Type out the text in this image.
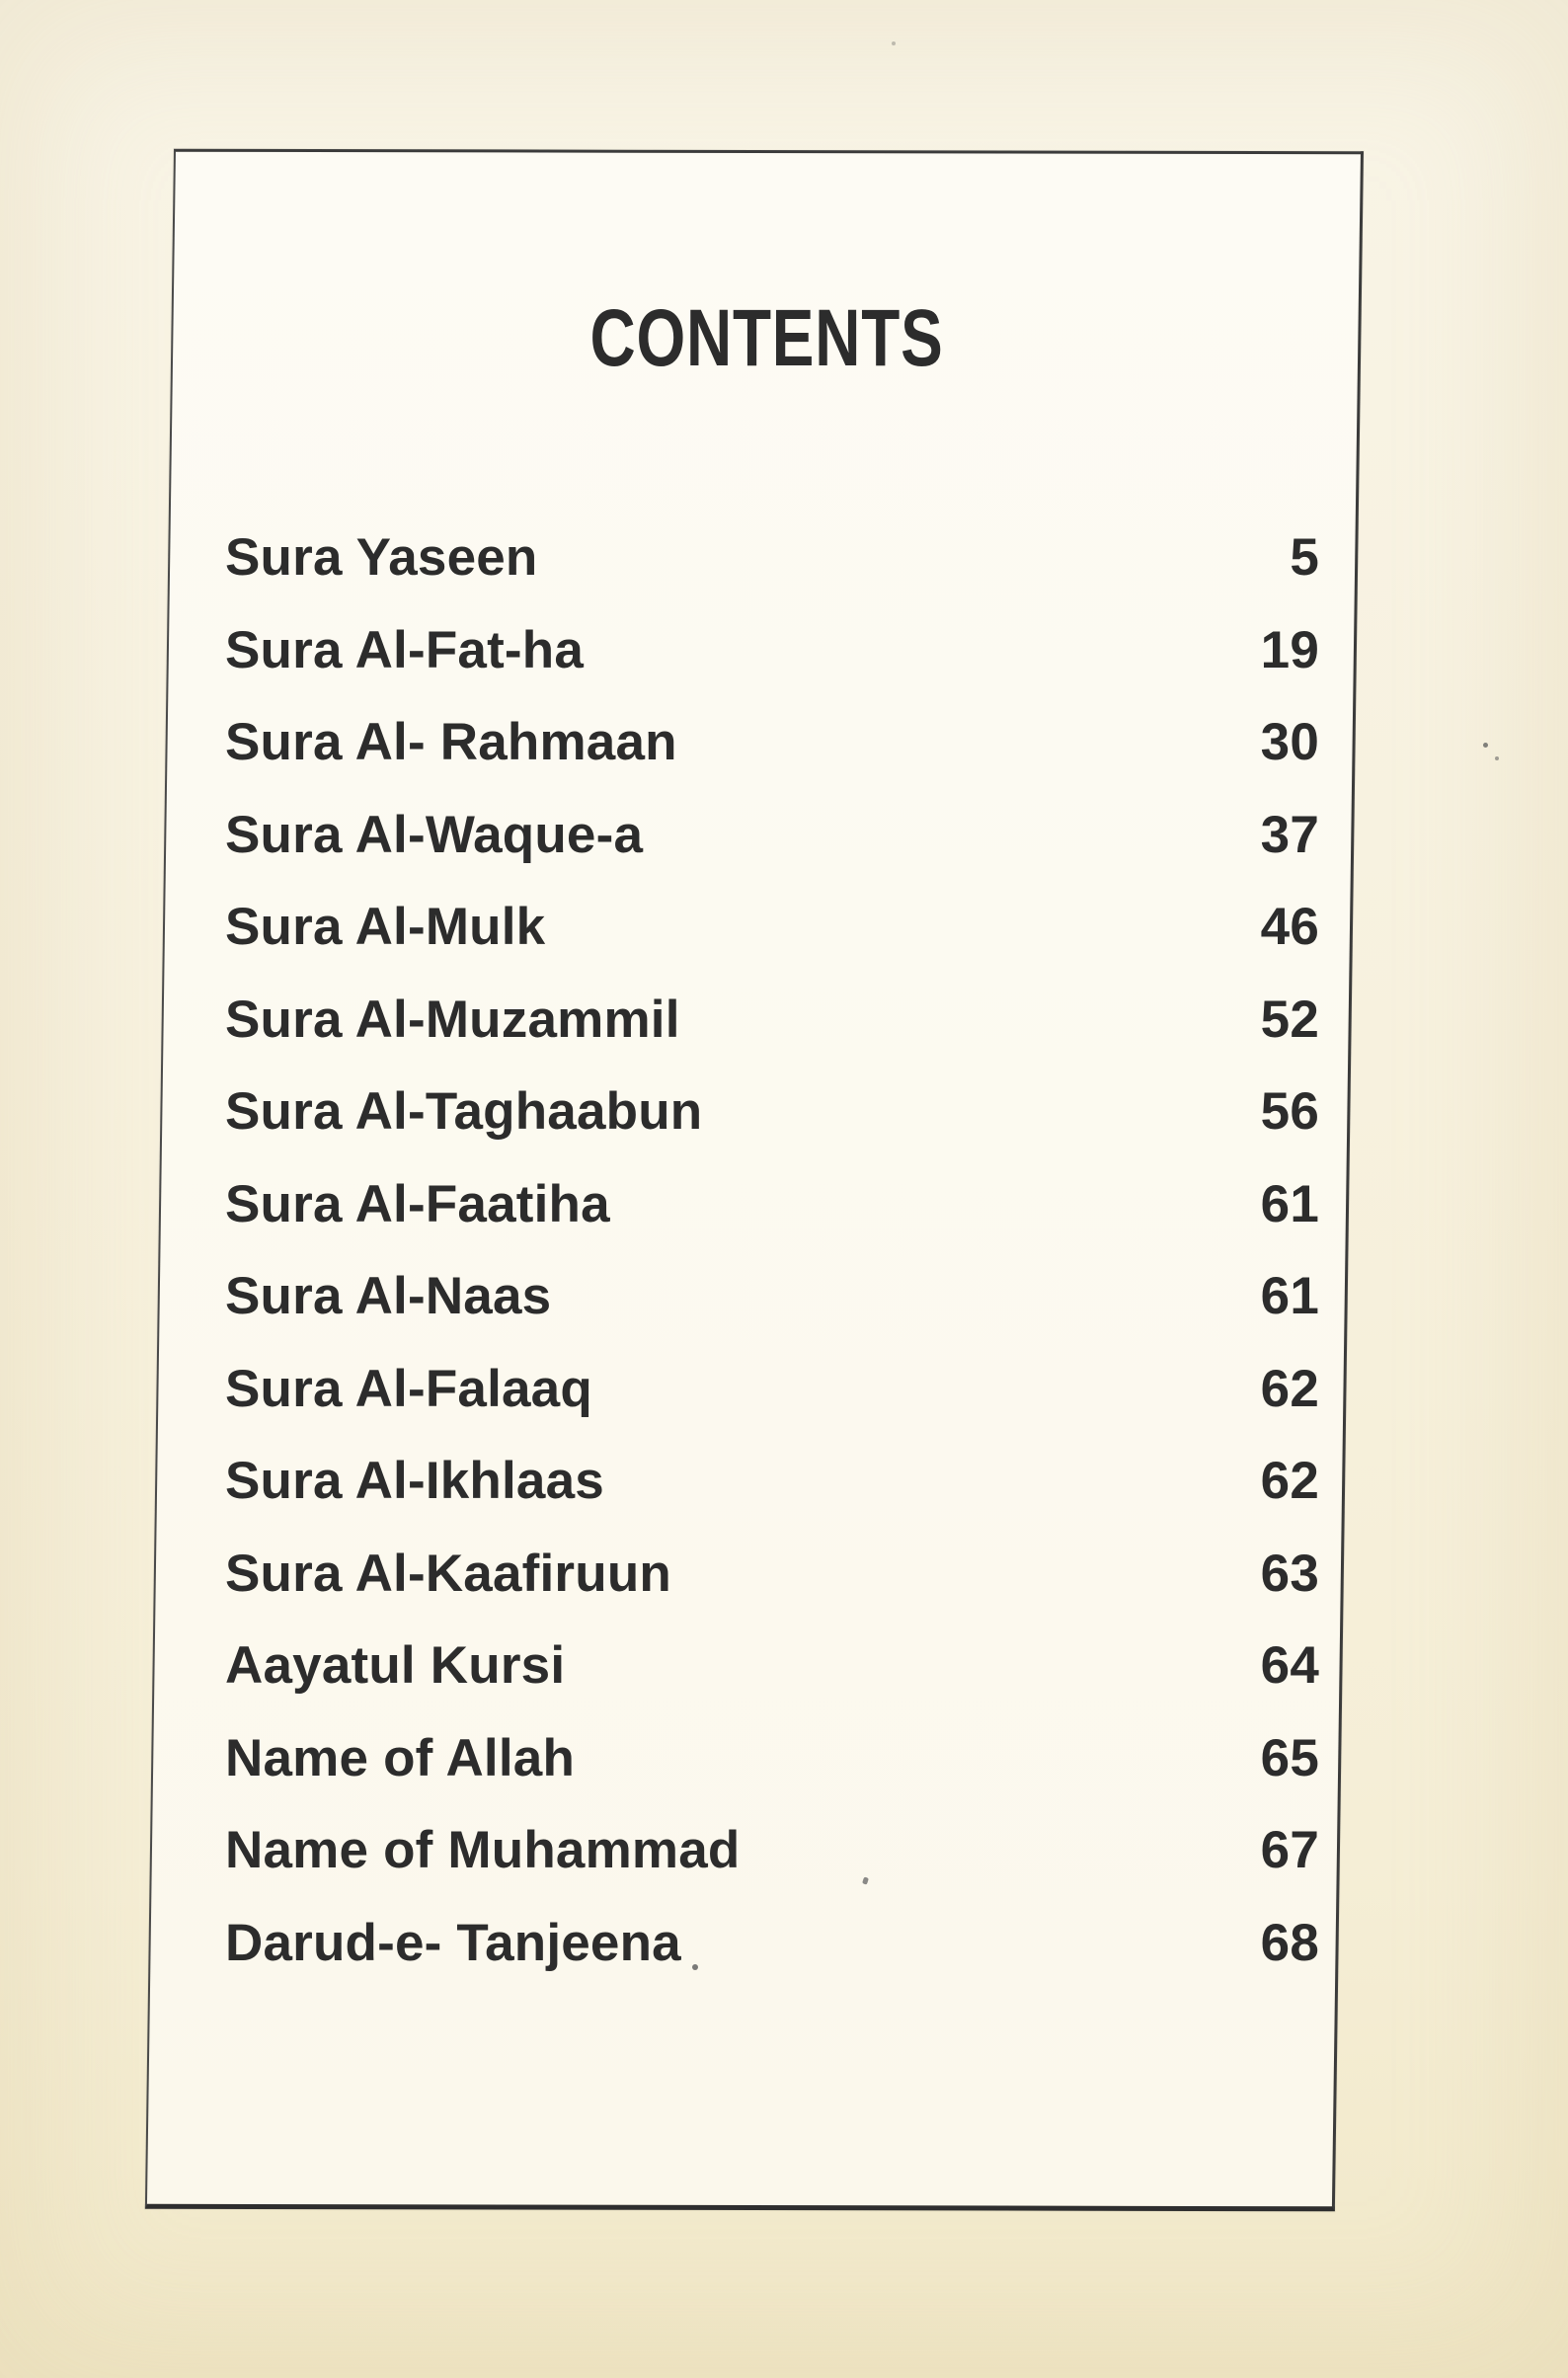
CONTENTS
Sura Yaseen	5
Sura Al-Fat-ha	19
Sura Al- Rahmaan	30
Sura Al-Waque-a	37
Sura Al-Mulk	46
Sura Al-Muzammil	52
Sura Al-Taghaabun	56
Sura Al-Faatiha	61
Sura Al-Naas	61
Sura Al-Falaaq	62
Sura Al-Ikhlaas	62
Sura Al-Kaafiruun	63
Aayatul Kursi	64
Name of Allah	65
Name of Muhammad	67
Darud-e- Tanjeena	68
